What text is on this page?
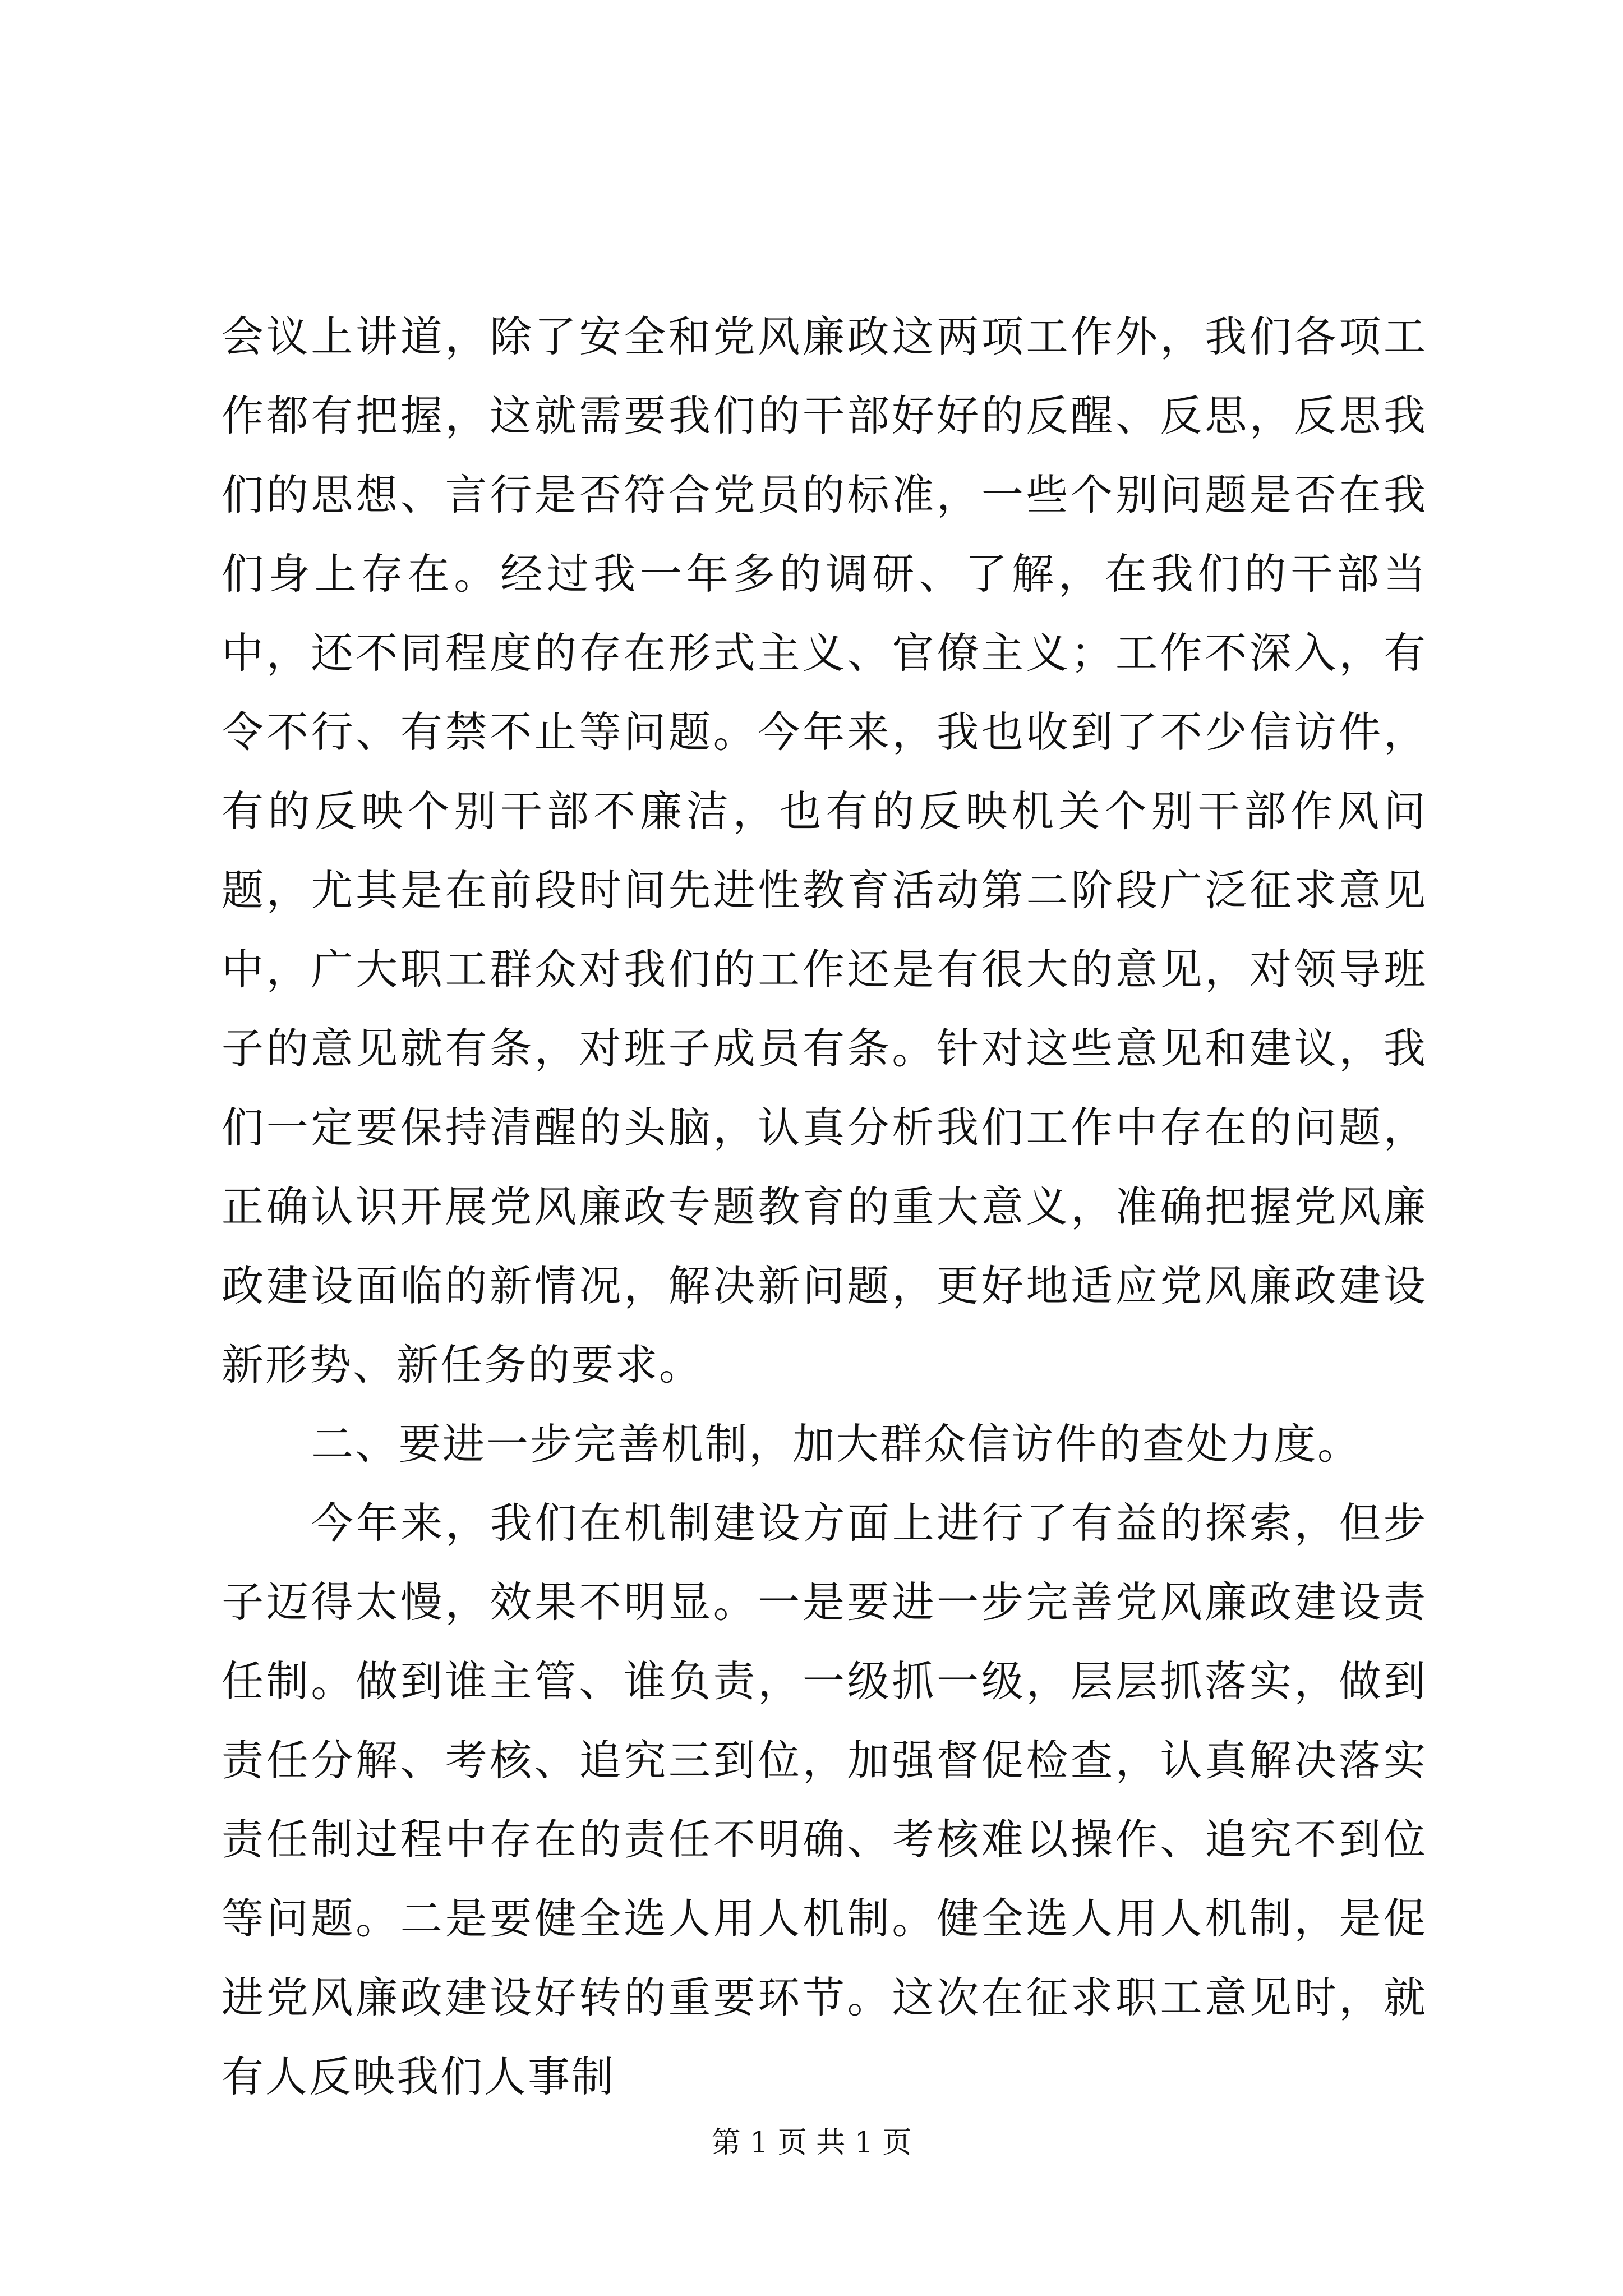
会议上讲道，除了安全和党风廉政这两项工作外，我们各项工作都有把握，这就需要我们的干部好好的反醒、反思，反思我们的思想、言行是否符合党员的标准，一些个别问题是否在我们身上存在。经过我一年多的调研、了解，在我们的干部当中，还不同程度的存在形式主义、官僚主义；工作不深入，有令不行、有禁不止等问题。今年来，我也收到了不少信访件，有的反映个别干部不廉洁，也有的反映机关个别干部作风问题，尤其是在前段时间先进性教育活动第二阶段广泛征求意见中，广大职工群众对我们的工作还是有很大的意见，对领导班子的意见就有条，对班子成员有条。针对这些意见和建议，我们一定要保持清醒的头脑，认真分析我们工作中存在的问题，正确认识开展党风廉政专题教育的重大意义，准确把握党风廉政建设面临的新情况，解决新问题，更好地适应党风廉政建设新形势、新任务的要求。

二、要进一步完善机制，加大群众信访件的查处力度。

今年来，我们在机制建设方面上进行了有益的探索，但步子迈得太慢，效果不明显。一是要进一步完善党风廉政建设责任制。做到谁主管、谁负责，一级抓一级，层层抓落实，做到责任分解、考核、追究三到位，加强督促检查，认真解决落实责任制过程中存在的责任不明确、考核难以操作、追究不到位等问题。二是要健全选人用人机制。健全选人用人机制，是促进党风廉政建设好转的重要环节。这次在征求职工意见时，就有人反映我们人事制

第 1 页 共 1 页
